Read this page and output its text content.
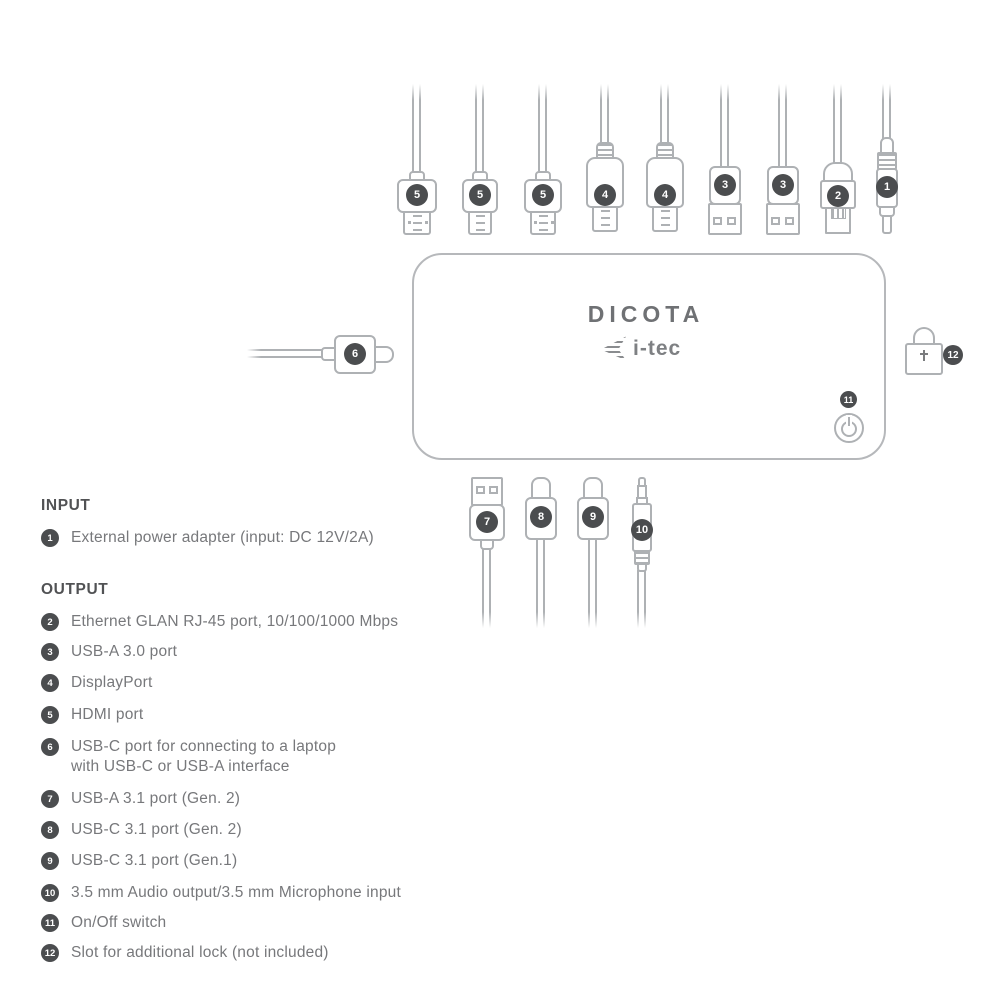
5	5	5	4	4
3	3
2
1
DICOTA
i-tec
11
6	12
7	8	9
10
INPUT
1	External power adapter (input: DC 12V/2A)
OUTPUT
2	Ethernet GLAN RJ-45 port, 10/100/1000 Mbps
3	USB-A 3.0 port
4	DisplayPort
5	HDMI port
6	USB-C port for connecting to a laptop
with USB-C or USB-A interface
7	USB-A 3.1 port (Gen. 2)
8	USB-C 3.1 port (Gen. 2)
9	USB-C 3.1 port (Gen.1)
10 3.5 mm Audio output/3.5 mm Microphone input
11 On/Off switch
12 Slot for additional lock (not included)
